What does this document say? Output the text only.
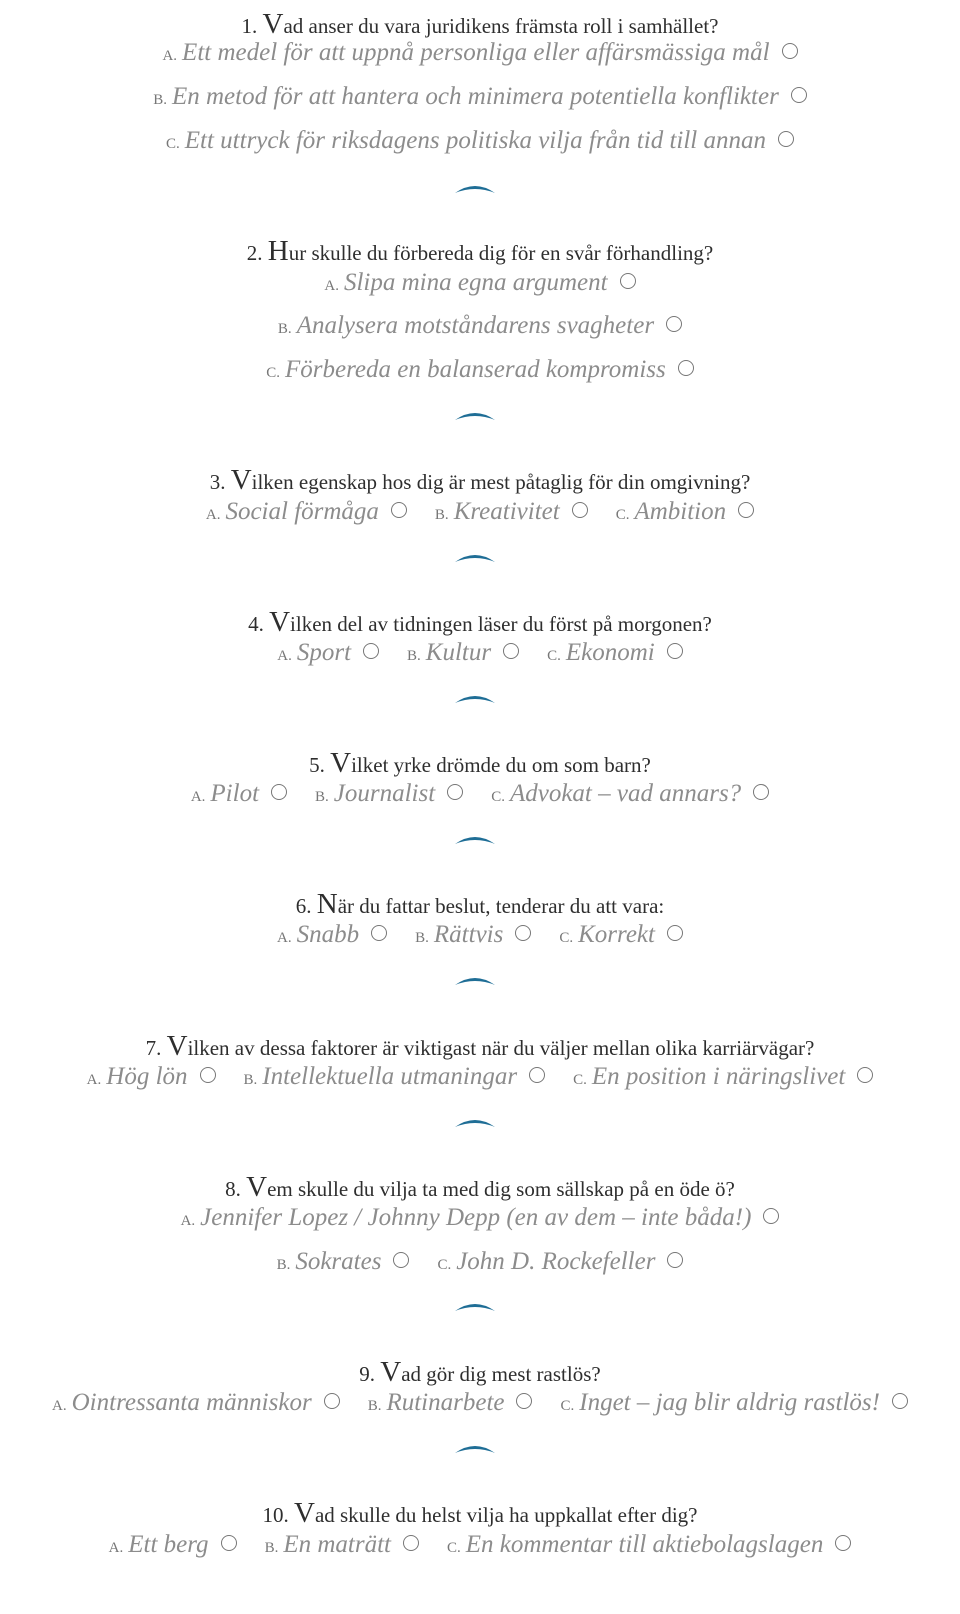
1. Vad anser du vara juridikens främsta roll i samhället?
A. Ett medel för att uppnå personliga eller affärsmässiga mål
B. En metod för att hantera och minimera potentiella konflikter
C. Ett uttryck för riksdagens politiska vilja från tid till annan
2. Hur skulle du förbereda dig för en svår förhandling?
A. Slipa mina egna argument
B. Analysera motståndarens svagheter
C. Förbereda en balanserad kompromiss
3. Vilken egenskap hos dig är mest påtaglig för din omgivning?
A. Social förmåga	B. Kreativitet	C. Ambition
4. Vilken del av tidningen läser du först på morgonen?
A. Sport	B. Kultur	C. Ekonomi
5. Vilket yrke drömde du om som barn?
A. Pilot	B. Journalist	C. Advokat – vad annars?
6. När du fattar beslut, tenderar du att vara:
A. Snabb	B. Rättvis	C. Korrekt
7. Vilken av dessa faktorer är viktigast när du väljer mellan olika karriärvägar?
A. Hög lön	B. Intellektuella utmaningar	C. En position i näringslivet
8. Vem skulle du vilja ta med dig som sällskap på en öde ö?
A. Jennifer Lopez / Johnny Depp (en av dem – inte båda!)
B. Sokrates	C. John D. Rockefeller
9. Vad gör dig mest rastlös?
A. Ointressanta människor	B. Rutinarbete	C. Inget – jag blir aldrig rastlös!
10. Vad skulle du helst vilja ha uppkallat efter dig?
A. Ett berg	B. En maträtt	C. En kommentar till aktiebolagslagen
